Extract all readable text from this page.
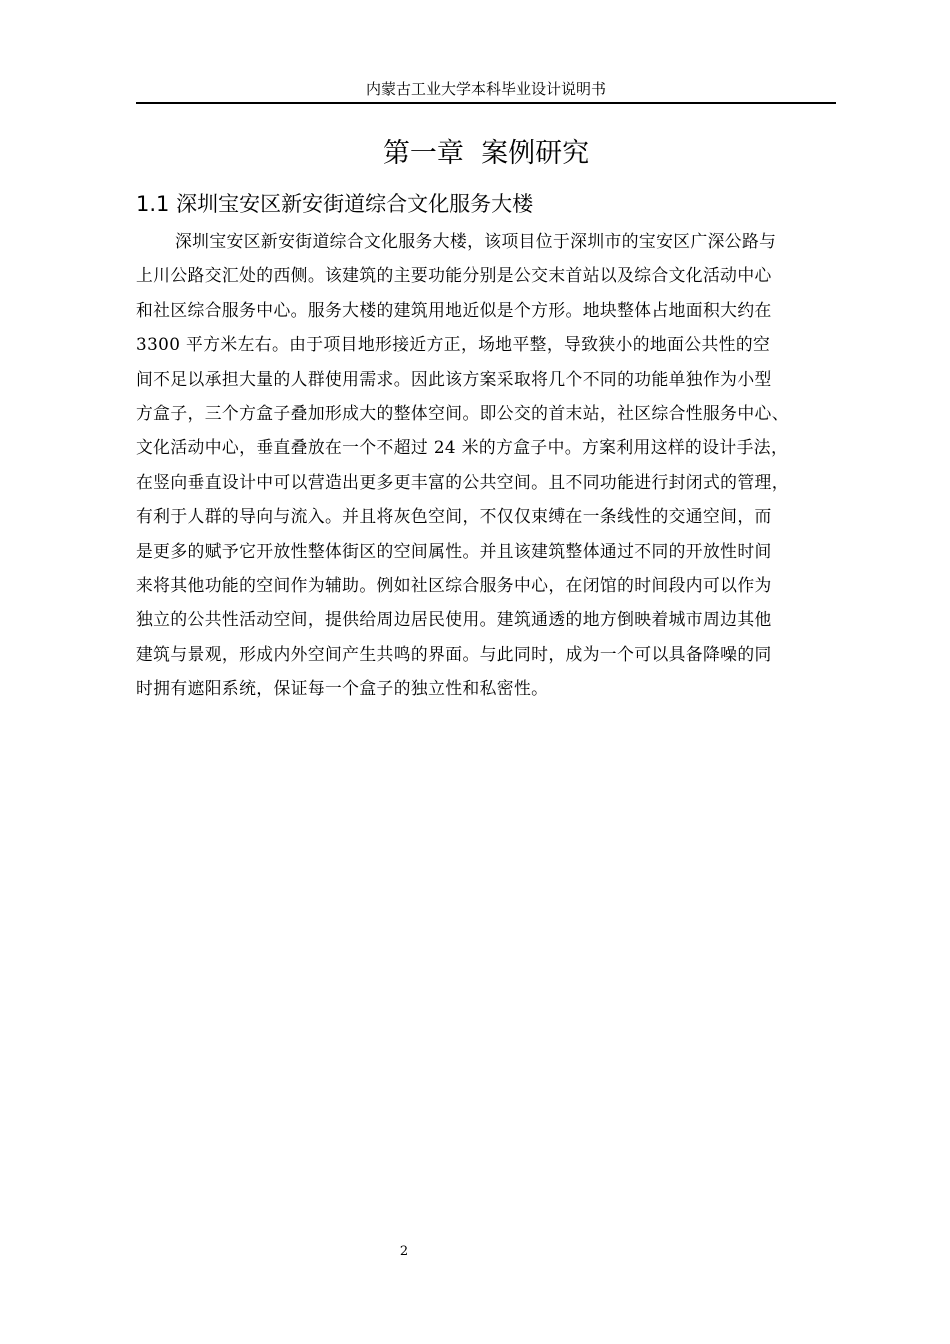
内蒙古工业大学本科毕业设计说明书
第一章  案例研究
1.1 深圳宝安区新安街道综合文化服务大楼
深圳宝安区新安街道综合文化服务大楼，该项目位于深圳市的宝安区广深公路与
上川公路交汇处的西侧。该建筑的主要功能分别是公交末首站以及综合文化活动中心
和社区综合服务中心。服务大楼的建筑用地近似是个方形。地块整体占地面积大约在
3300 平方米左右。由于项目地形接近方正，场地平整，导致狭小的地面公共性的空
间不足以承担大量的人群使用需求。因此该方案采取将几个不同的功能单独作为小型
方盒子，三个方盒子叠加形成大的整体空间。即公交的首末站，社区综合性服务中心、
文化活动中心，垂直叠放在一个不超过 24 米的方盒子中。方案利用这样的设计手法，
在竖向垂直设计中可以营造出更多更丰富的公共空间。且不同功能进行封闭式的管理，
有利于人群的导向与流入。并且将灰色空间，不仅仅束缚在一条线性的交通空间，而
是更多的赋予它开放性整体街区的空间属性。并且该建筑整体通过不同的开放性时间
来将其他功能的空间作为辅助。例如社区综合服务中心，在闭馆的时间段内可以作为
独立的公共性活动空间，提供给周边居民使用。建筑通透的地方倒映着城市周边其他
建筑与景观，形成内外空间产生共鸣的界面。与此同时，成为一个可以具备降噪的同
时拥有遮阳系统，保证每一个盒子的独立性和私密性。
2
